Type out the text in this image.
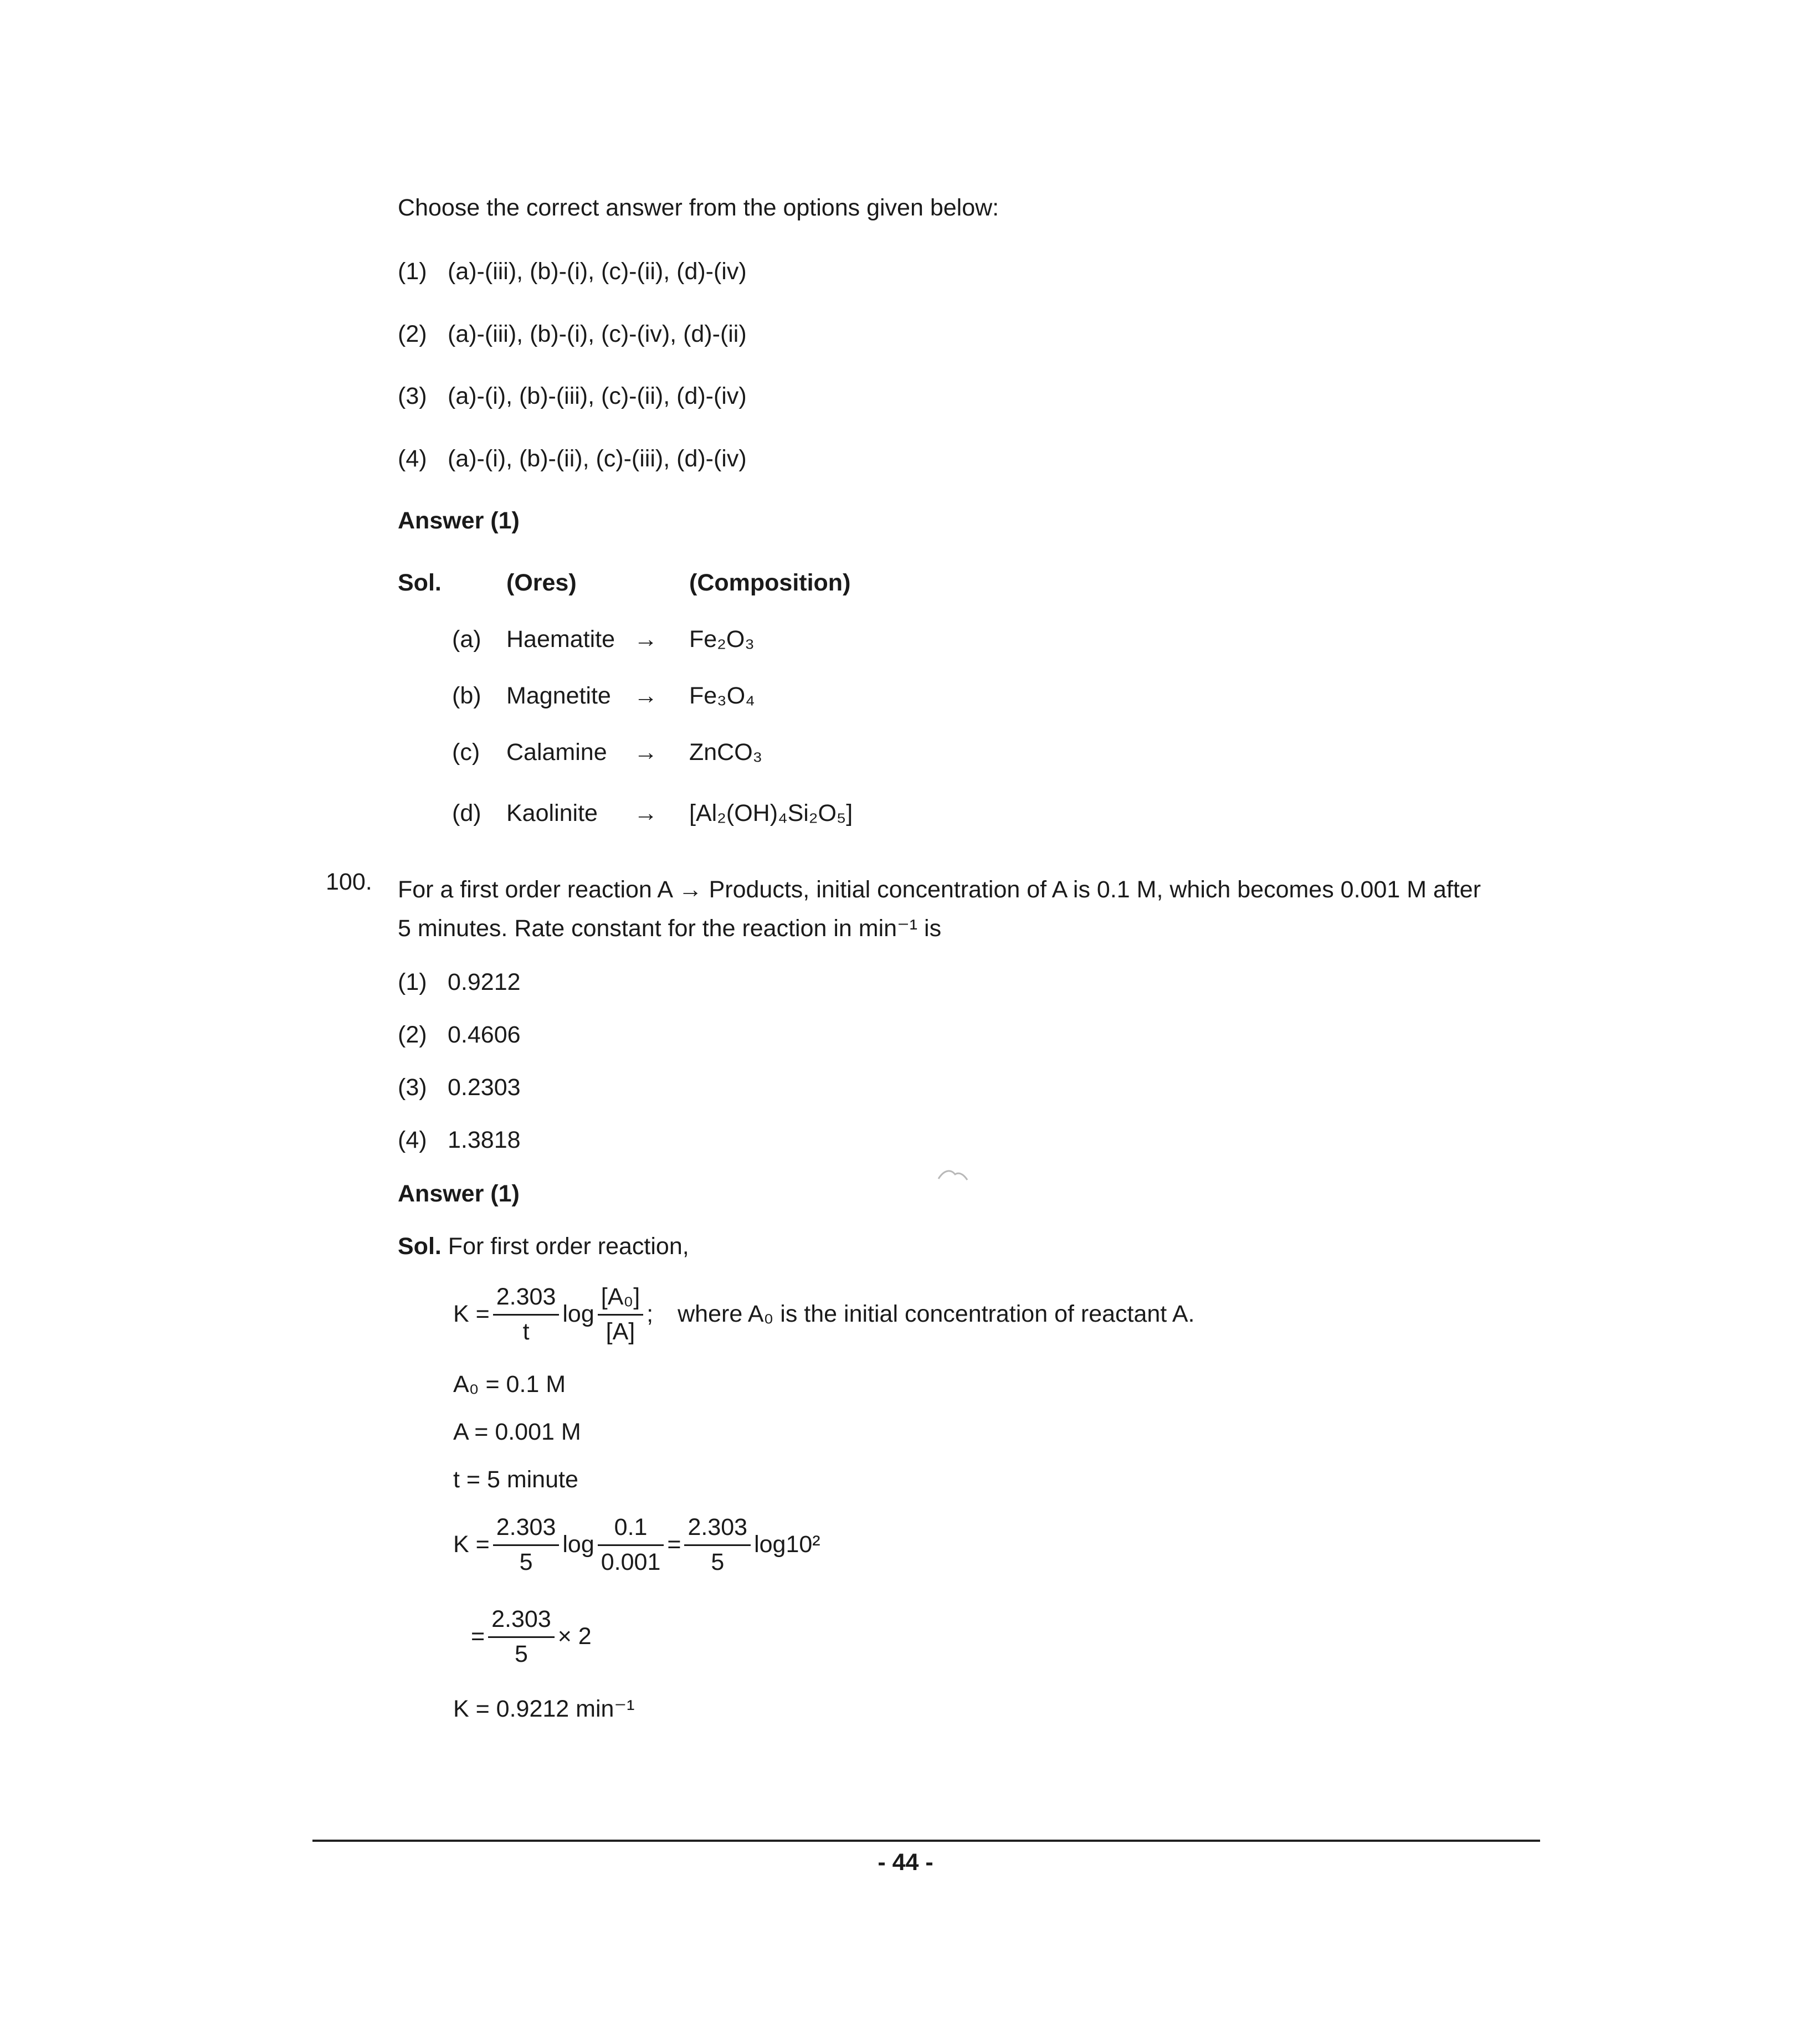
Choose the correct answer from the options given below:
(1) (a)-(iii), (b)-(i), (c)-(ii), (d)-(iv)
(2) (a)-(iii), (b)-(i), (c)-(iv), (d)-(ii)
(3) (a)-(i), (b)-(iii), (c)-(ii), (d)-(iv)
(4) (a)-(i), (b)-(ii), (c)-(iii), (d)-(iv)
Answer (1)
Sol.	(Ores)	(Composition)
(a) Haematite → Fe₂O₃
(b) Magnetite → Fe₃O₄
(c) Calamine → ZnCO₃
(d) Kaolinite → [Al₂(OH)₄Si₂O₅]
100. For a first order reaction A → Products, initial concentration of A is 0.1 M, which becomes 0.001 M after
5 minutes. Rate constant for the reaction in min⁻¹ is
(1) 0.9212
(2) 0.4606
(3) 0.2303
(4) 1.3818
Answer (1)
Sol. For first order reaction,
$K = \frac{2.303}{t}$ $\log \frac{\text{[A₀]}}{[A]}$ ; where A₀ is the initial concentration of reactant A.
A₀ = 0.1 M
A = 0.001 M
t = 5 minute
$K = \frac{2.303}{5}$ $\log \frac{0.1}{0.001} = \frac{2.303}{5} \log 10^2$
= $\frac{2.303}{5} \times 2$
K = 0.9212 min⁻¹
- 44 -
